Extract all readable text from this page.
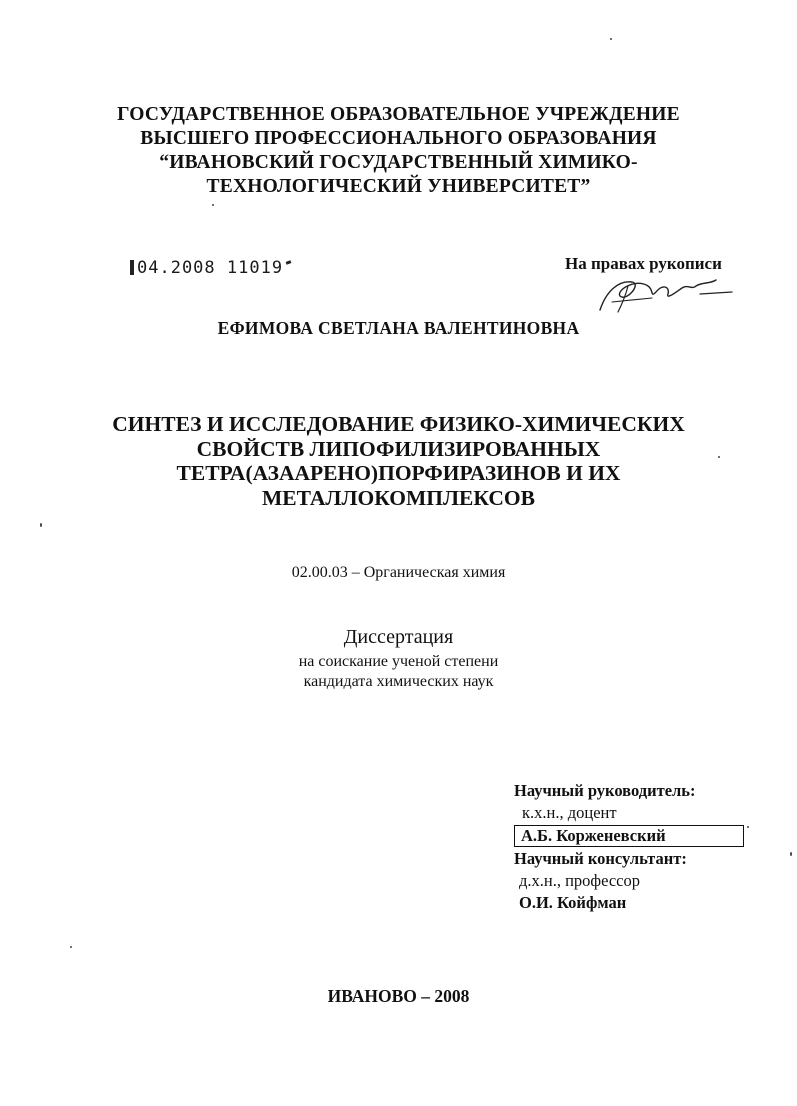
ГОСУДАРСТВЕННОЕ ОБРАЗОВАТЕЛЬНОЕ УЧРЕЖДЕНИЕ
ВЫСШЕГО ПРОФЕССИОНАЛЬНОГО ОБРАЗОВАНИЯ
“ИВАНОВСКИЙ ГОСУДАРСТВЕННЫЙ ХИМИКО-
ТЕХНОЛОГИЧЕСКИЙ УНИВЕРСИТЕТ”
04.2008 11019	На правах рукописи
ЕФИМОВА СВЕТЛАНА ВАЛЕНТИНОВНА
СИНТЕЗ И ИССЛЕДОВАНИЕ ФИЗИКО-ХИМИЧЕСКИХ
СВОЙСТВ ЛИПОФИЛИЗИРОВАННЫХ
ТЕТРА(АЗААРЕНО)ПОРФИРАЗИНОВ И ИХ
МЕТАЛЛОКОМПЛЕКСОВ
02.00.03 – Органическая химия
Диссертация
на соискание ученой степени
кандидата химических наук
Научный руководитель:
к.х.н., доцент
А.Б. Корженевский
Научный консультант:
д.х.н., профессор
О.И. Койфман
ИВАНОВО – 2008
